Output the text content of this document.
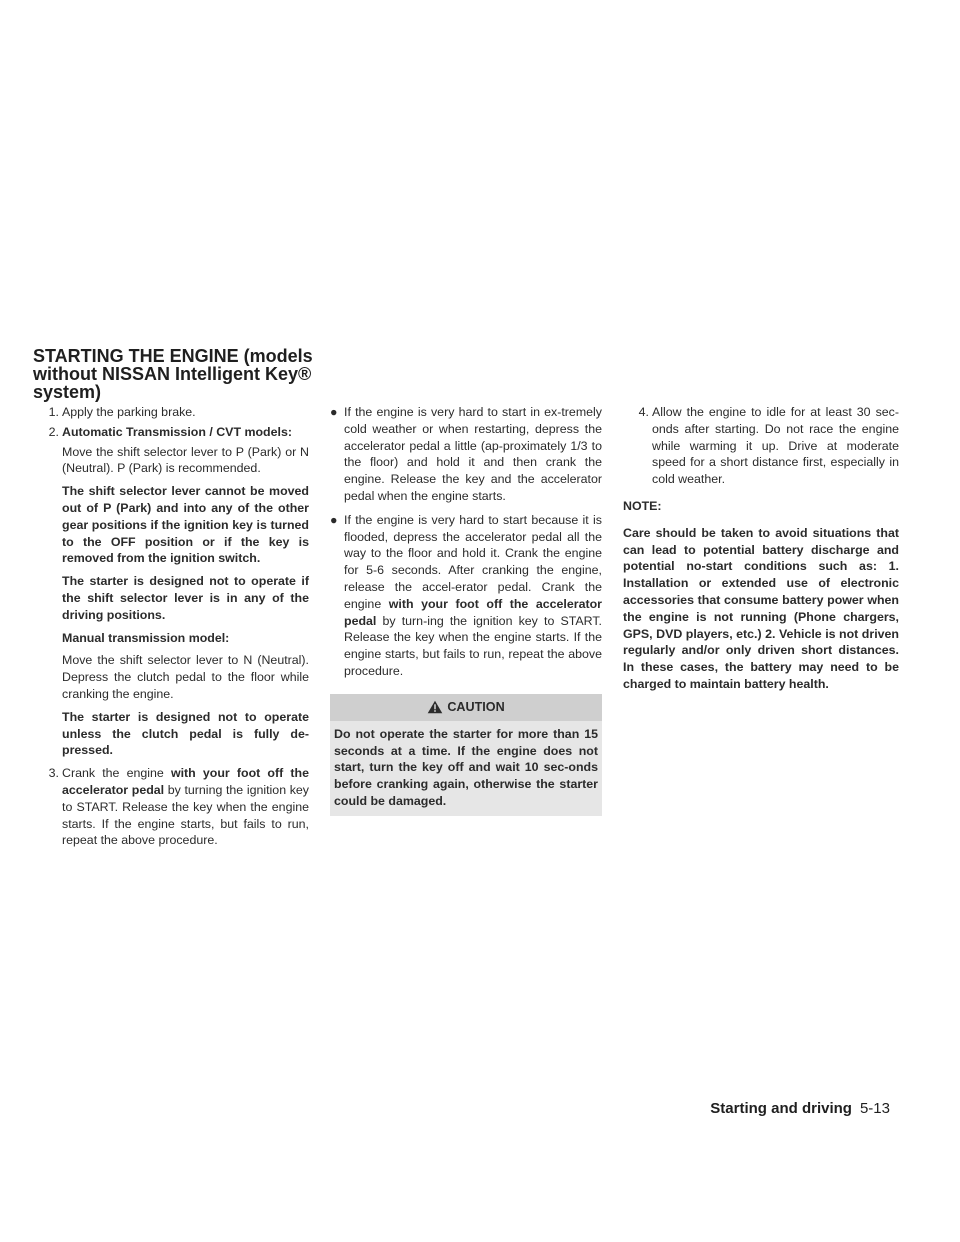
STARTING THE ENGINE (models
without NISSAN Intelligent Key®
system)
1. Apply the parking brake.
2. Automatic Transmission / CVT models:
Move the shift selector lever to P (Park) or N (Neutral). P (Park) is recommended.
The shift selector lever cannot be moved out of P (Park) and into any of the other gear positions if the ignition key is turned to the OFF position or if the key is removed from the ignition switch.
The starter is designed not to operate if the shift selector lever is in any of the driving positions.
Manual transmission model:
Move the shift selector lever to N (Neutral). Depress the clutch pedal to the floor while cranking the engine.
The starter is designed not to operate unless the clutch pedal is fully de-pressed.
3. Crank the engine with your foot off the accelerator pedal by turning the ignition key to START. Release the key when the engine starts. If the engine starts, but fails to run, repeat the above procedure.
● If the engine is very hard to start in ex-tremely cold weather or when restarting, depress the accelerator pedal a little (ap-proximately 1/3 to the floor) and hold it and then crank the engine. Release the key and the accelerator pedal when the engine starts.
● If the engine is very hard to start because it is flooded, depress the accelerator pedal all the way to the floor and hold it. Crank the engine for 5-6 seconds. After cranking the engine, release the accel-erator pedal. Crank the engine with your foot off the accelerator pedal by turn-ing the ignition key to START. Release the key when the engine starts. If the engine starts, but fails to run, repeat the above procedure.
CAUTION
Do not operate the starter for more than 15 seconds at a time. If the engine does not start, turn the key off and wait 10 sec-onds before cranking again, otherwise the starter could be damaged.
4. Allow the engine to idle for at least 30 sec-onds after starting. Do not race the engine while warming it up. Drive at moderate speed for a short distance first, especially in cold weather.
NOTE:
Care should be taken to avoid situations that can lead to potential battery discharge and potential no-start conditions such as: 1. Installation or extended use of electronic accessories that consume battery power when the engine is not running (Phone chargers, GPS, DVD players, etc.) 2. Vehicle is not driven regularly and/or only driven short distances. In these cases, the battery may need to be charged to maintain battery health.
Starting and driving 5-13
